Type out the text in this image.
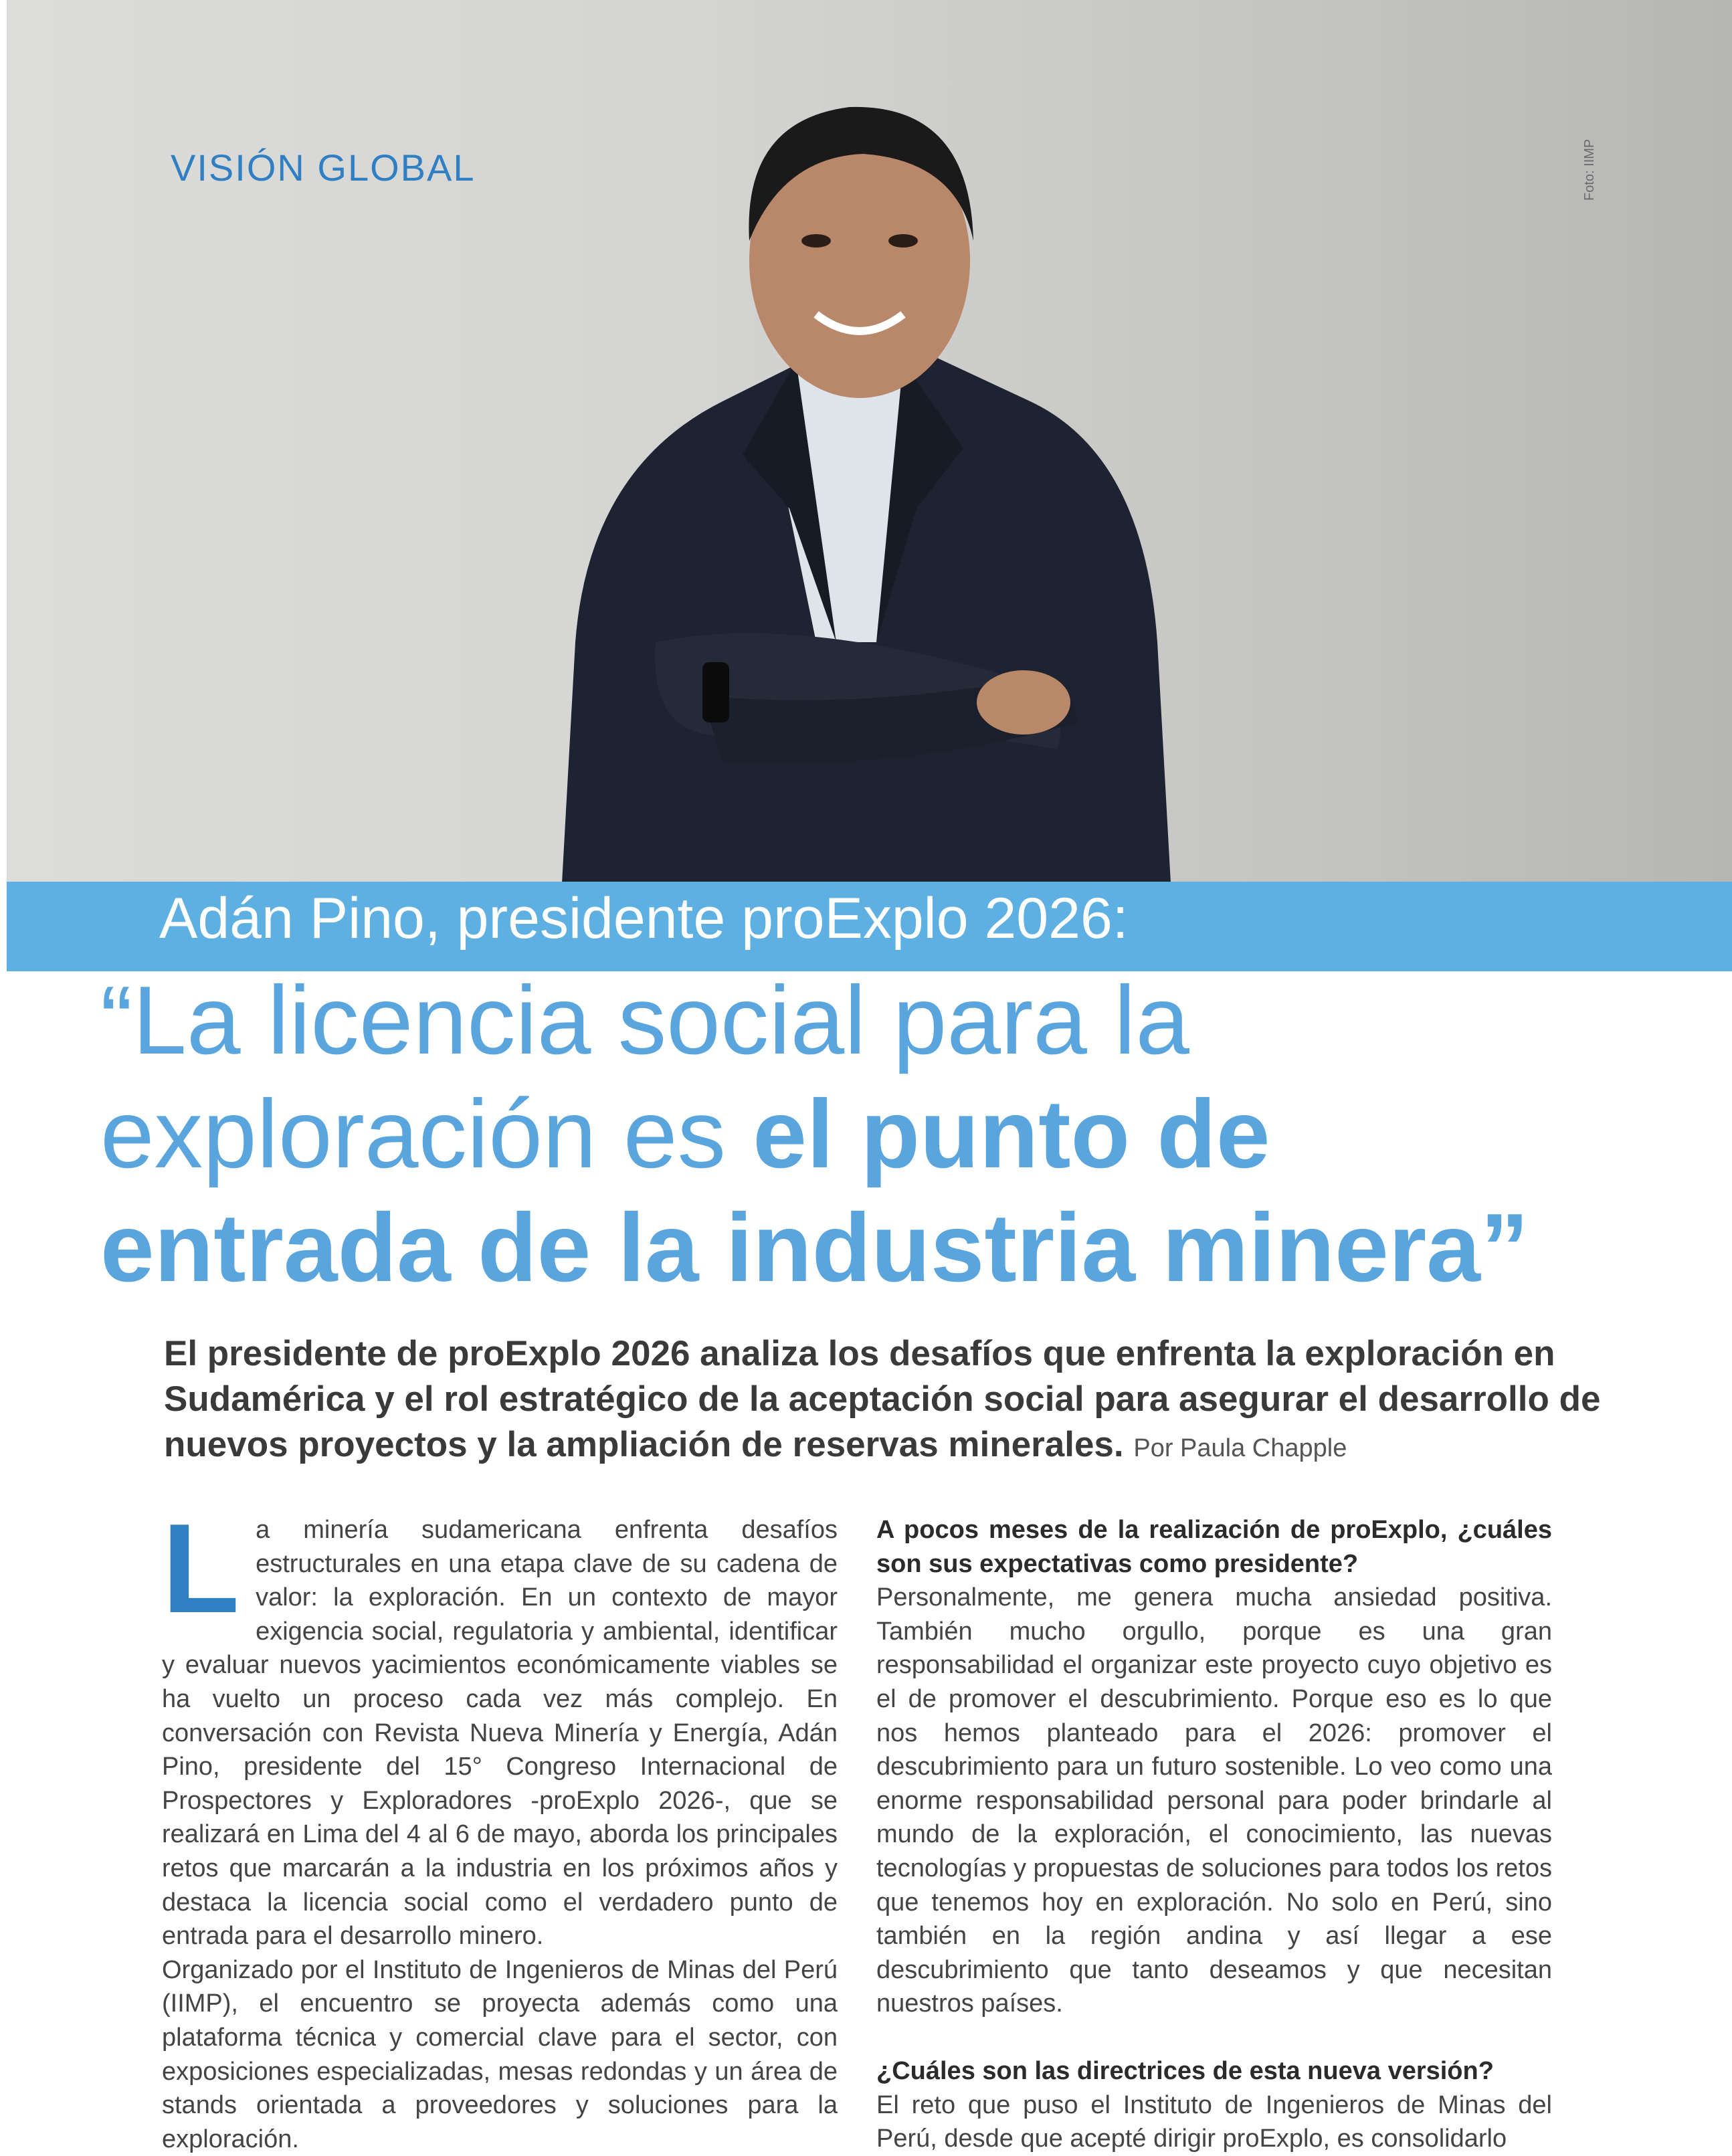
VISIÓN GLOBAL	Foto: IIMP
Adán Pino, presidente proExplo 2026:
“La licencia social para la
exploración es el punto de
entrada de la industria minera”
El presidente de proExplo 2026 analiza los desafíos que enfrenta la exploración en Sudamérica y el rol estratégico de la aceptación social para asegurar el desarrollo de nuevos proyectos y la ampliación de reservas minerales. Por Paula Chapple
L a minería sudamericana enfrenta desafíos estructurales en una etapa clave de su cadena de valor: la exploración. En un contexto de mayor exigencia social, regulatoria y ambiental, identificar y evaluar nuevos yacimientos económicamente viables se ha vuelto un proceso cada vez más complejo. En conversación con Revista Nueva Minería y Energía, Adán Pino, presidente del 15° Congreso Internacional de Prospectores y Exploradores -proExplo 2026-, que se realizará en Lima del 4 al 6 de mayo, aborda los principales retos que marcarán a la industria en los próximos años y destaca la licencia social como el verdadero punto de entrada para el desarrollo minero.

Organizado por el Instituto de Ingenieros de Minas del Perú (IIMP), el encuentro se proyecta además como una plataforma técnica y comercial clave para el sector, con exposiciones especializadas, mesas redondas y un área de stands orientada a proveedores y soluciones para la exploración.

A pocos meses de la realización de proExplo, ¿cuáles son sus expectativas como presidente?

Personalmente, me genera mucha ansiedad positiva. También mucho orgullo, porque es una gran responsabilidad el organizar este proyecto cuyo objetivo es el de promover el descubrimiento. Porque eso es lo que nos hemos planteado para el 2026: promover el descubrimiento para un futuro sostenible. Lo veo como una enorme responsabilidad personal para poder brindarle al mundo de la exploración, el conocimiento, las nuevas tecnologías y propuestas de soluciones para todos los retos que tenemos hoy en exploración. No solo en Perú, sino también en la región andina y así llegar a ese descubrimiento que tanto deseamos y que necesitan nuestros países.

¿Cuáles son las directrices de esta nueva versión?

El reto que puso el Instituto de Ingenieros de Minas del Perú, desde que acepté dirigir proExplo, es consolidarlo
